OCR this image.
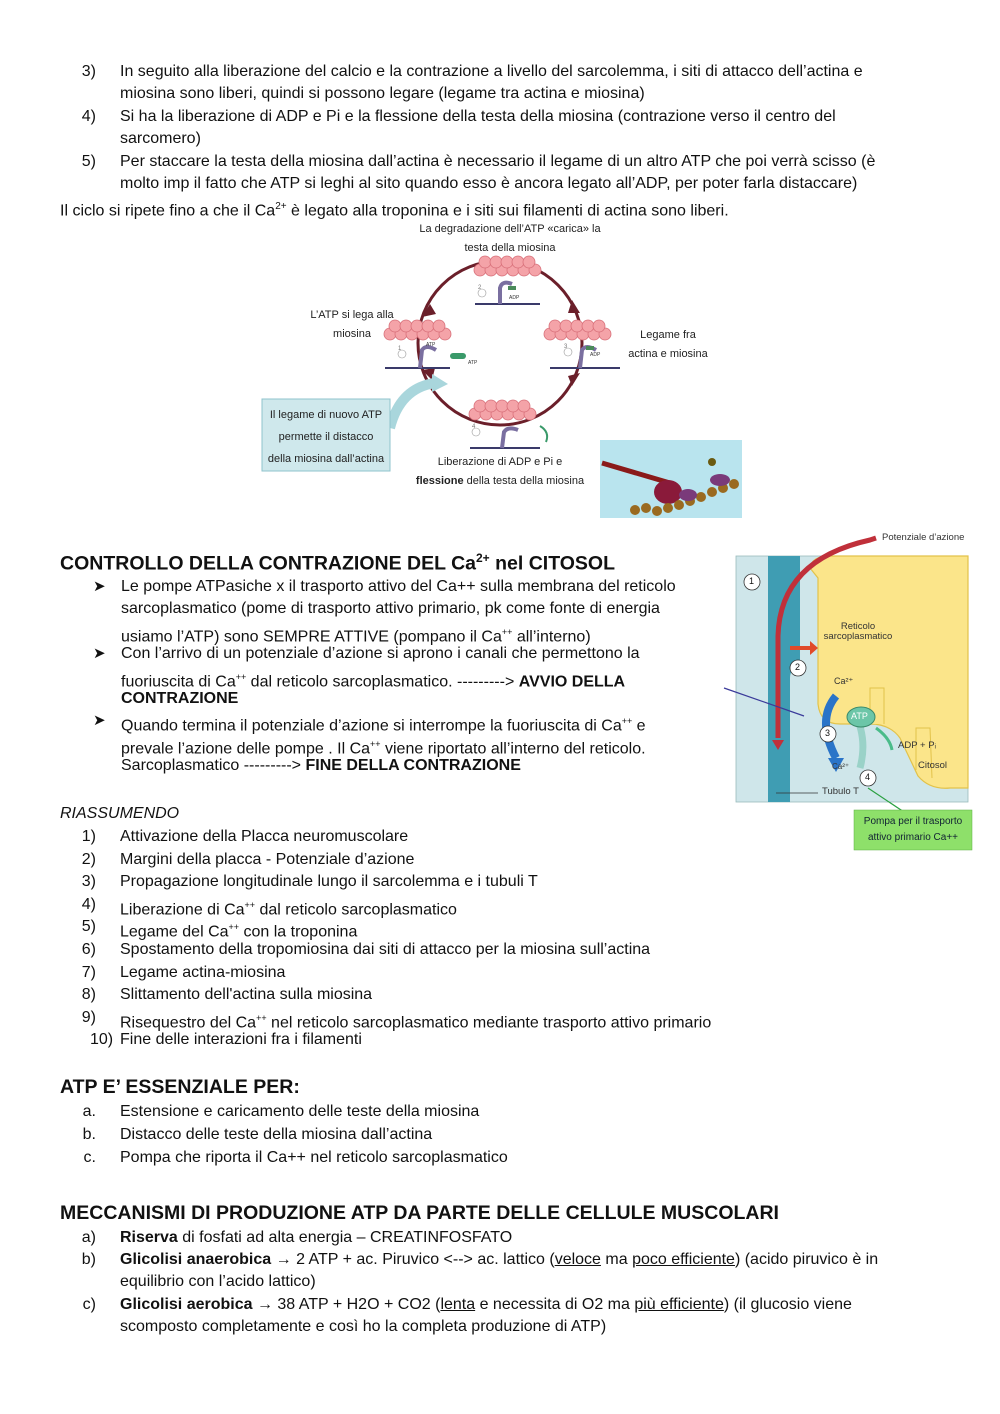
3) In seguito alla liberazione del calcio e la contrazione a livello del sarcolemma, i siti di attacco dell’actina e
miosina sono liberi, quindi si possono legare (legame tra actina e miosina)
4) Si ha la liberazione di ADP e Pi e la flessione della testa della miosina (contrazione verso il centro del
sarcomero)
5) Per staccare la testa della miosina dall’actina è necessario il legame di un altro ATP che poi verrà scisso (è
molto imp il fatto che ATP si leghi al sito quando esso è ancora legato all’ADP, per poter farla distaccare)
Il ciclo si ripete fino a che il $Ca^{2+}$ è legato alla troponina e i siti sui filamenti di actina sono liberi.
La degradazione dell’ATP «carica» la
testa della miosina
L’ATP si lega alla
miosina	Legame fra
actina e miosina
Liberazione di ADP e Pi e
flessione della testa della miosina
Il legame di nuovo ATP
permette il distacco
della miosina dall’actina
2
1	3
4
ADP
ADP
ATP
ATP
CONTROLLO DELLA CONTRAZIONE DEL $Ca^{2+}$ nel CITOSOL
➤ Le pompe ATPasiche x il trasporto attivo del Ca++ sulla membrana del reticolo
sarcoplasmatico (pome di trasporto attivo primario, pk come fonte di energia
usiamo l’ATP) sono SEMPRE ATTIVE (pompano il Ca++ all’interno)
➤ Con l’arrivo di un potenziale d’azione si aprono i canali che permettono la
fuoriuscita di Ca++ dal reticolo sarcoplasmatico. ---------> AVVIO DELLA
CONTRAZIONE
➤ Quando termina il potenziale d’azione si interrompe la fuoriuscita di Ca++ e
prevale l’azione delle pompe . Il Ca++ viene riportato all’interno del reticolo.
Sarcoplasmatico ---------> FINE DELLA CONTRAZIONE
Potenziale d’azione
Reticolo
sarcoplasmatico
Ca²⁺
ATP
ADP + Pᵢ
Citosol
Ca²⁺
Tubulo T
1
2
3
4
Pompa per il trasporto
attivo primario Ca++
RIASSUMENDO
1) Attivazione della Placca neuromuscolare
2) Margini della placca - Potenziale d’azione
3) Propagazione longitudinale lungo il sarcolemma e i tubuli T
4) Liberazione di Ca++ dal reticolo sarcoplasmatico
5) Legame del Ca++ con la troponina
6) Spostamento della tropomiosina dai siti di attacco per la miosina sull’actina
7) Legame actina-miosina
8) Slittamento dell'actina sulla miosina
9) Risequestro del Ca++ nel reticolo sarcoplasmatico mediante trasporto attivo primario
10) Fine delle interazioni fra i filamenti
ATP E’ ESSENZIALE PER:
a. Estensione e caricamento delle teste della miosina
b. Distacco delle teste della miosina dall’actina
c. Pompa che riporta il Ca++ nel reticolo sarcoplasmatico
MECCANISMI DI PRODUZIONE ATP DA PARTE DELLE CELLULE MUSCOLARI
a) Riserva di fosfati ad alta energia – CREATINFOSFATO
b) Glicolisi anaerobica → 2 ATP + ac. Piruvico <--> ac. lattico (veloce ma poco efficiente) (acido piruvico è in
equilibrio con l’acido lattico)
c) Glicolisi aerobica → 38 ATP + H2O + CO2 (lenta e necessita di O2 ma più efficiente) (il glucosio viene
scomposto completamente e così ho la completa produzione di ATP)
